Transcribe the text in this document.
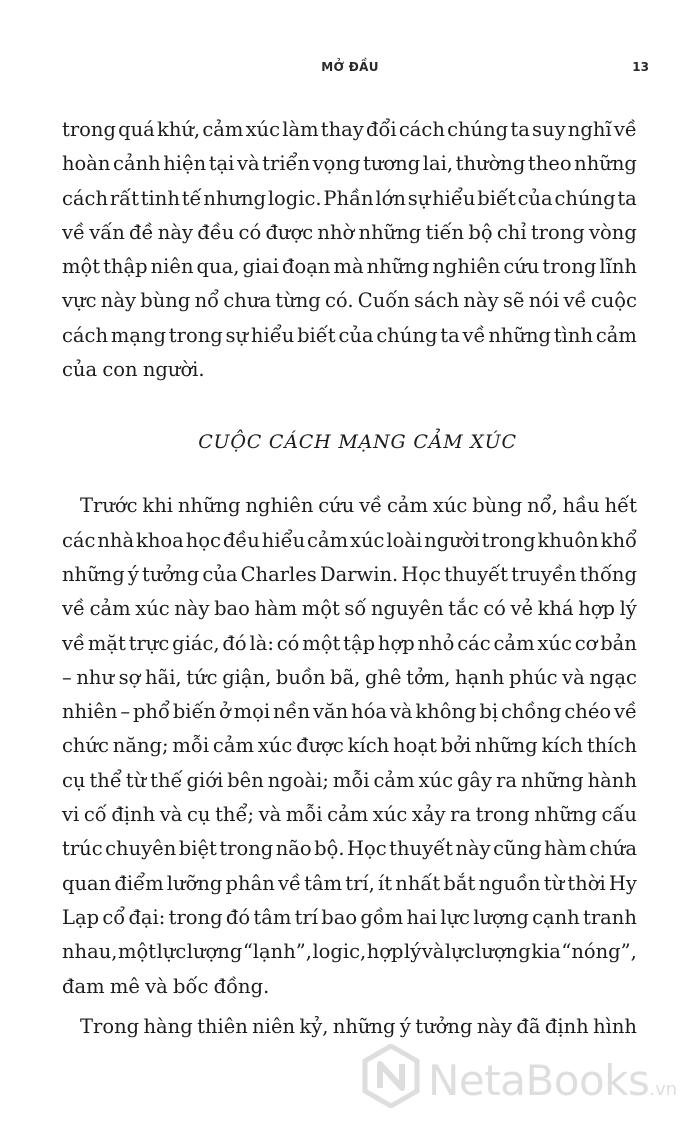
MỞ ĐẦU	13
trong quá khứ, cảm xúc làm thay đổi cách chúng ta suy nghĩ về
hoàn cảnh hiện tại và triển vọng tương lai, thường theo những
cách rất tinh tế nhưng logic. Phần lớn sự hiểu biết của chúng ta
về vấn đề này đều có được nhờ những tiến bộ chỉ trong vòng
một thập niên qua, giai đoạn mà những nghiên cứu trong lĩnh
vực này bùng nổ chưa từng có. Cuốn sách này sẽ nói về cuộc
cách mạng trong sự hiểu biết của chúng ta về những tình cảm
của con người.
CUỘC CÁCH MẠNG CẢM XÚC
Trước khi những nghiên cứu về cảm xúc bùng nổ, hầu hết
các nhà khoa học đều hiểu cảm xúc loài người trong khuôn khổ
những ý tưởng của Charles Darwin. Học thuyết truyền thống
về cảm xúc này bao hàm một số nguyên tắc có vẻ khá hợp lý
về mặt trực giác, đó là: có một tập hợp nhỏ các cảm xúc cơ bản
– như sợ hãi, tức giận, buồn bã, ghê tởm, hạnh phúc và ngạc
nhiên – phổ biến ở mọi nền văn hóa và không bị chồng chéo về
chức năng; mỗi cảm xúc được kích hoạt bởi những kích thích
cụ thể từ thế giới bên ngoài; mỗi cảm xúc gây ra những hành
vi cố định và cụ thể; và mỗi cảm xúc xảy ra trong những cấu
trúc chuyên biệt trong não bộ. Học thuyết này cũng hàm chứa
quan điểm lưỡng phân về tâm trí, ít nhất bắt nguồn từ thời Hy
Lạp cổ đại: trong đó tâm trí bao gồm hai lực lượng cạnh tranh
nhau, một lực lượng “lạnh”, logic, hợp lý và lực lượng kia “nóng”,
đam mê và bốc đồng.
Trong hàng thiên niên kỷ, những ý tưởng này đã định hình
NetaBooks.vn
